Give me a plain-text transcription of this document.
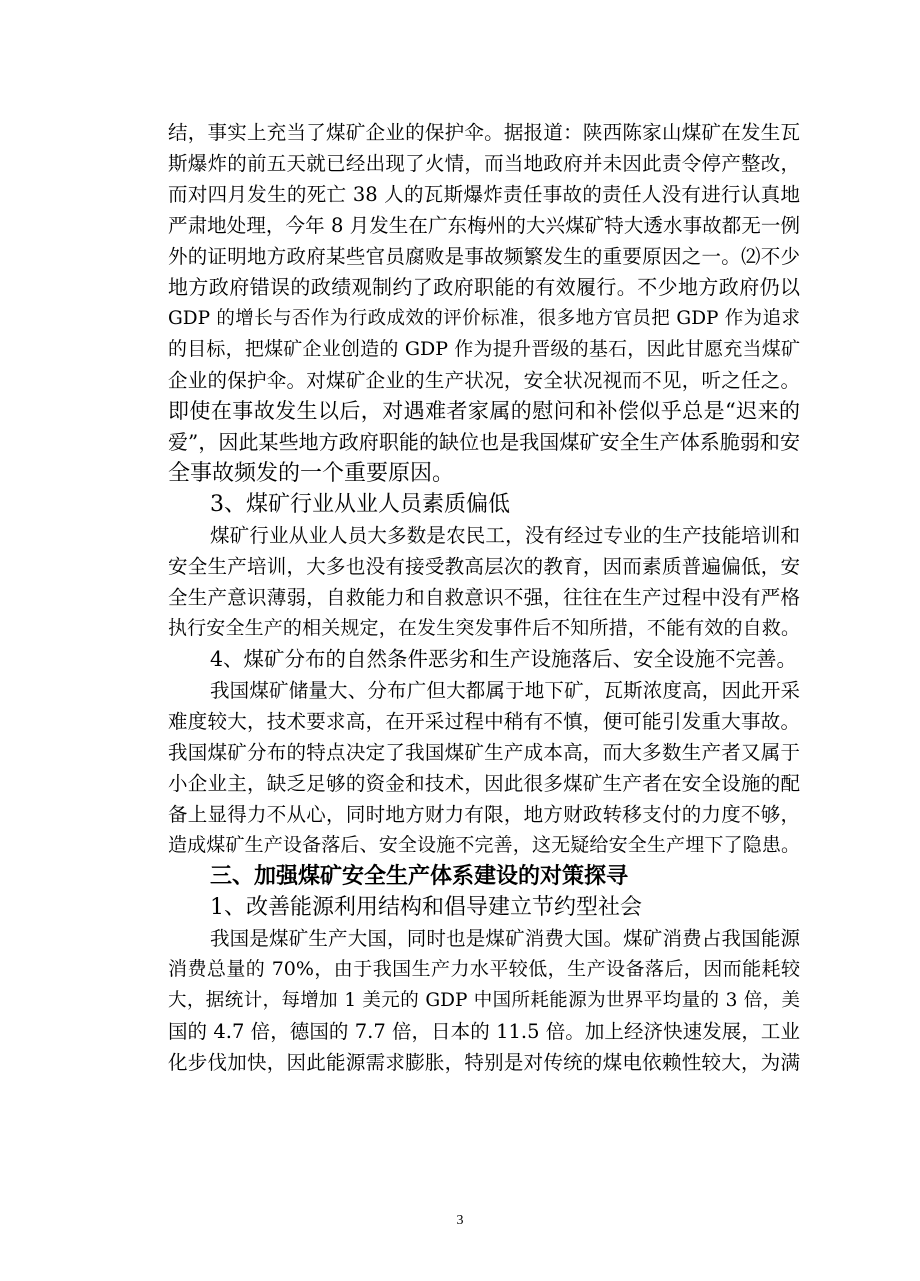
结，事实上充当了煤矿企业的保护伞。据报道：陕西陈家山煤矿在发生瓦
斯爆炸的前五天就已经出现了火情，而当地政府并未因此责令停产整改，
而对四月发生的死亡 38 人的瓦斯爆炸责任事故的责任人没有进行认真地
严肃地处理，今年 8 月发生在广东梅州的大兴煤矿特大透水事故都无一例
外的证明地方政府某些官员腐败是事故频繁发生的重要原因之一。⑵不少
地方政府错误的政绩观制约了政府职能的有效履行。不少地方政府仍以
GDP 的增长与否作为行政成效的评价标准，很多地方官员把 GDP 作为追求
的目标，把煤矿企业创造的 GDP 作为提升晋级的基石，因此甘愿充当煤矿
企业的保护伞。对煤矿企业的生产状况，安全状况视而不见，听之任之。
即使在事故发生以后，对遇难者家属的慰问和补偿似乎总是“迟来的
爱”，因此某些地方政府职能的缺位也是我国煤矿安全生产体系脆弱和安
全事故频发的一个重要原因。
3、煤矿行业从业人员素质偏低
煤矿行业从业人员大多数是农民工，没有经过专业的生产技能培训和
安全生产培训，大多也没有接受教高层次的教育，因而素质普遍偏低，安
全生产意识薄弱，自救能力和自救意识不强，往往在生产过程中没有严格
执行安全生产的相关规定，在发生突发事件后不知所措，不能有效的自救。
4、煤矿分布的自然条件恶劣和生产设施落后、安全设施不完善。
我国煤矿储量大、分布广但大都属于地下矿，瓦斯浓度高，因此开采
难度较大，技术要求高，在开采过程中稍有不慎，便可能引发重大事故。
我国煤矿分布的特点决定了我国煤矿生产成本高，而大多数生产者又属于
小企业主，缺乏足够的资金和技术，因此很多煤矿生产者在安全设施的配
备上显得力不从心，同时地方财力有限，地方财政转移支付的力度不够，
造成煤矿生产设备落后、安全设施不完善，这无疑给安全生产埋下了隐患。
三、加强煤矿安全生产体系建设的对策探寻
1、改善能源利用结构和倡导建立节约型社会
我国是煤矿生产大国，同时也是煤矿消费大国。煤矿消费占我国能源
消费总量的 70%，由于我国生产力水平较低，生产设备落后，因而能耗较
大，据统计，每增加 1 美元的 GDP 中国所耗能源为世界平均量的 3 倍，美
国的 4.7 倍，德国的 7.7 倍，日本的 11.5 倍。加上经济快速发展，工业
化步伐加快，因此能源需求膨胀，特别是对传统的煤电依赖性较大，为满
3
